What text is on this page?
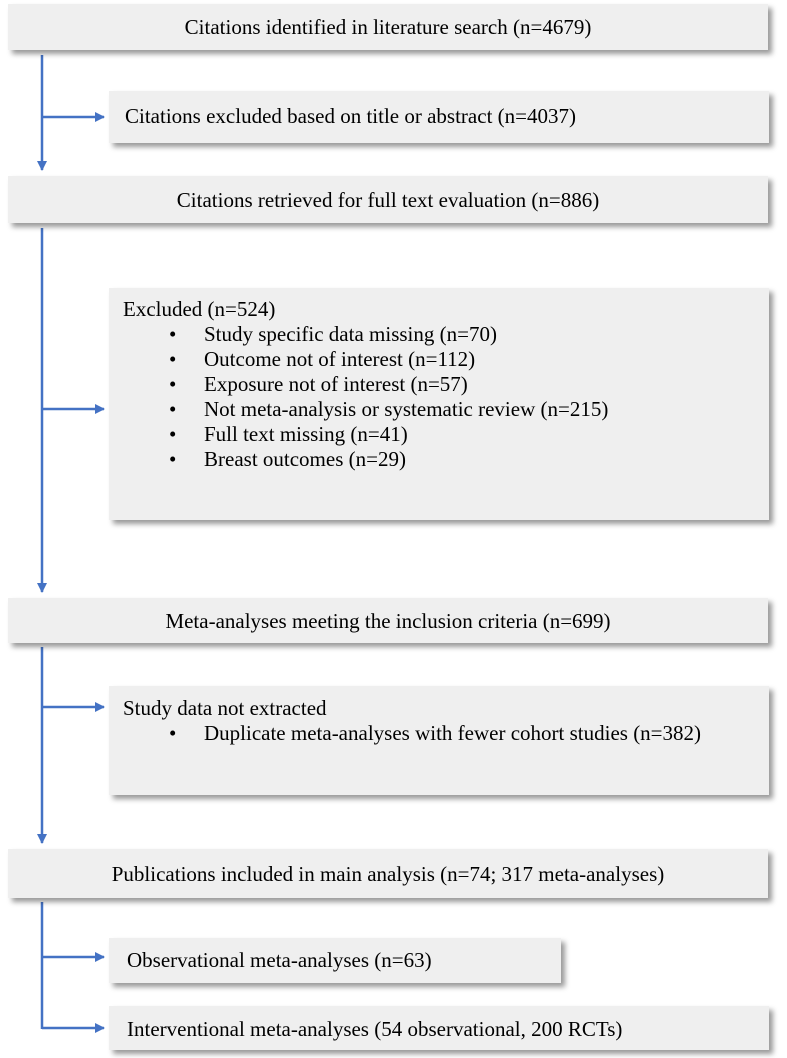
Citations identified in literature search (n=4679)
Citations excluded based on title or abstract (n=4037)
Citations retrieved for full text evaluation (n=886)
Excluded (n=524)
• Study specific data missing (n=70)
• Outcome not of interest (n=112)
• Exposure not of interest (n=57)
• Not meta-analysis or systematic review (n=215)
• Full text missing (n=41)
• Breast outcomes (n=29)
Meta-analyses meeting the inclusion criteria (n=699)
Study data not extracted
• Duplicate meta-analyses with fewer cohort studies (n=382)
Publications included in main analysis (n=74; 317 meta-analyses)
Observational meta-analyses (n=63)
Interventional meta-analyses (54 observational, 200 RCTs)
